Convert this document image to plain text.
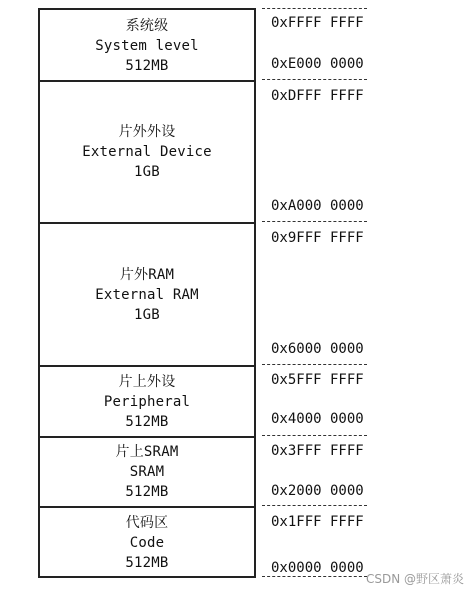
系统级
System level
512MB
片外外设
External Device
1GB
片外RAM
External RAM
1GB
片上外设
Peripheral
512MB
片上SRAM
SRAM
512MB
代码区
Code
512MB
0xFFFF FFFF
0xE000 0000
0xDFFF FFFF
0xA000 0000
0x9FFF FFFF
0x6000 0000
0x5FFF FFFF
0x4000 0000
0x3FFF FFFF
0x2000 0000
0x1FFF FFFF
0x0000 0000
CSDN @野区萧炎
